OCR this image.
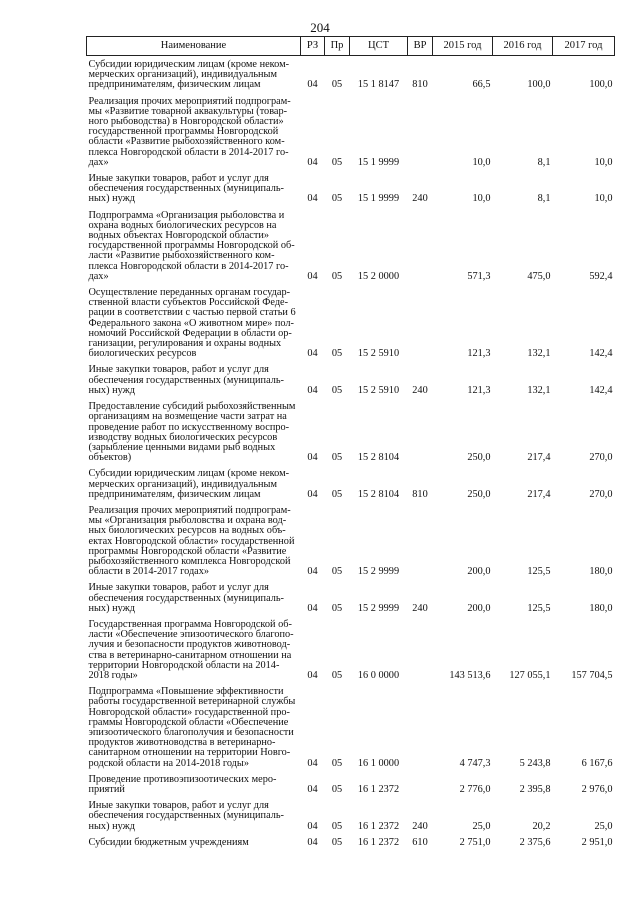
204
Наименование	РЗ	Пр	ЦСТ	ВР	2015 год	2016 год	2017 год
Субсидии юридическим лицам (кроме неком-мерческих организаций), индивидуальным предпринимателям, физическим лицам	04	05	15 1 8147	810	66,5	100,0	100,0
Реализация прочих мероприятий подпрограм-мы «Развитие товарной аквакультуры (товар-ного рыбоводства) в Новгородской области» государственной программы Новгородской области «Развитие рыбохозяйственного ком-плекса Новгородской области в 2014-2017 го-дах»	04	05	15 1 9999		10,0	8,1	10,0
Иные закупки товаров, работ и услуг для обеспечения государственных (муниципаль-ных) нужд	04	05	15 1 9999	240	10,0	8,1	10,0
Подпрограмма «Организация рыболовства и охрана водных биологических ресурсов на водных объектах Новгородской области» государственной программы Новгородской об-ласти «Развитие рыбохозяйственного ком-плекса Новгородской области в 2014-2017 го-дах»	04	05	15 2 0000		571,3	475,0	592,4
Осуществление переданных органам государ-ственной власти субъектов Российской Феде-рации в соответствии с частью первой статьи 6 Федерального закона «О животном мире» пол-номочий Российской Федерации в области ор-ганизации, регулирования и охраны водных биологических ресурсов	04	05	15 2 5910		121,3	132,1	142,4
Иные закупки товаров, работ и услуг для обеспечения государственных (муниципаль-ных) нужд	04	05	15 2 5910	240	121,3	132,1	142,4
Предоставление субсидий рыбохозяйственным организациям на возмещение части затрат на проведение работ по искусственному воспро-изводству водных биологических ресурсов (зарыбление ценными видами рыб водных объектов)	04	05	15 2 8104		250,0	217,4	270,0
Субсидии юридическим лицам (кроме неком-мерческих организаций), индивидуальным предпринимателям, физическим лицам	04	05	15 2 8104	810	250,0	217,4	270,0
Реализация прочих мероприятий подпрограм-мы «Организация рыболовства и охрана вод-ных биологических ресурсов на водных объ-ектах Новгородской области» государственной программы Новгородской области «Развитие рыбохозяйственного комплекса Новгородской области в 2014-2017 годах»	04	05	15 2 9999		200,0	125,5	180,0
Иные закупки товаров, работ и услуг для обеспечения государственных (муниципаль-ных) нужд	04	05	15 2 9999	240	200,0	125,5	180,0
Государственная программа Новгородской об-ласти «Обеспечение эпизоотического благопо-лучия и безопасности продуктов животновод-ства в ветеринарно-санитарном отношении на территории Новгородской области на 2014-2018 годы»	04	05	16 0 0000		143 513,6	127 055,1	157 704,5
Подпрограмма «Повышение эффективности работы государственной ветеринарной службы Новгородской области» государственной про-граммы Новгородской области «Обеспечение эпизоотического благополучия и безопасности продуктов животноводства в ветеринарно-санитарном отношении на территории Новго-родской области на 2014-2018 годы»	04	05	16 1 0000		4 747,3	5 243,8	6 167,6
Проведение противоэпизоотических меро-приятий	04	05	16 1 2372		2 776,0	2 395,8	2 976,0
Иные закупки товаров, работ и услуг для обеспечения государственных (муниципаль-ных) нужд	04	05	16 1 2372	240	25,0	20,2	25,0
Субсидии бюджетным учреждениям	04	05	16 1 2372	610	2 751,0	2 375,6	2 951,0
